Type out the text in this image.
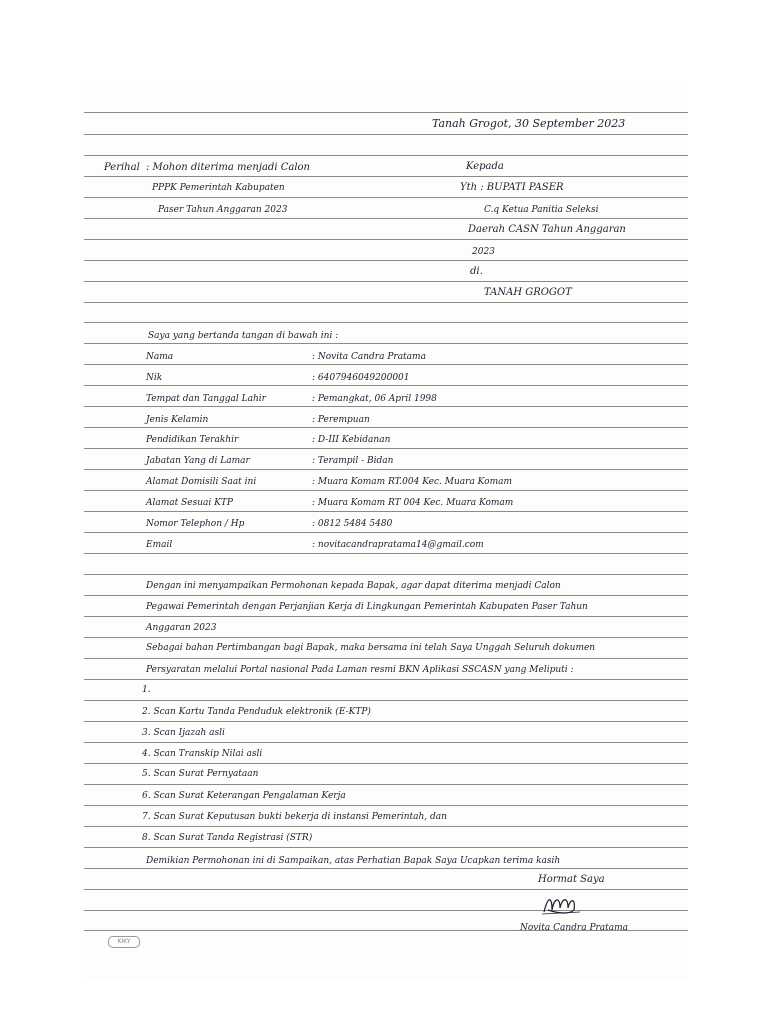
Tanah Grogot, 30 September 2023
Perihal : Mohon diterima menjadi Calon
PPPK Pemerintah Kabupaten
Paser Tahun Anggaran 2023
Kepada
Yth : BUPATI PASER
C.q Ketua Panitia Seleksi
Daerah CASN Tahun Anggaran
2023
di.
TANAH GROGOT
Saya yang bertanda tangan di bawah ini :
Nama	: Novita Candra Pratama
Nik	: 6407946049200001
Tempat dan Tanggal Lahir	: Pemangkat, 06 April 1998
Jenis Kelamin	: Perempuan
Pendidikan Terakhir	: D-III Kebidanan
Jabatan Yang di Lamar	: Terampil - Bidan
Alamat Domisili Saat ini	: Muara Komam RT.004 Kec. Muara Komam
Alamat Sesuai KTP	: Muara Komam RT 004 Kec. Muara Komam
Nomor Telephon / Hp	: 0812 5484 5480
Email	: novitacandrapratama14@gmail.com
Dengan ini menyampaikan Permohonan kepada Bapak, agar dapat diterima menjadi Calon
Pegawai Pemerintah dengan Perjanjian Kerja di Lingkungan Pemerintah Kabupaten Paser Tahun
Anggaran 2023
Sebagai bahan Pertimbangan bagi Bapak, maka bersama ini telah Saya Unggah Seluruh dokumen
Persyaratan melalui Portal nasional Pada Laman resmi BKN Aplikasi SSCASN yang Meliputi :
1.
2. Scan Kartu Tanda Penduduk elektronik (E-KTP)
3. Scan Ijazah asli
4. Scan Transkip Nilai asli
5. Scan Surat Pernyataan
6. Scan Surat Keterangan Pengalaman Kerja
7. Scan Surat Keputusan bukti bekerja di instansi Pemerintah, dan
8. Scan Surat Tanda Registrasi (STR)
Demikian Permohonan ini di Sampaikan, atas Perhatian Bapak Saya Ucapkan terima kasih
Hormat Saya
Novita Candra Pratama
KIKY
